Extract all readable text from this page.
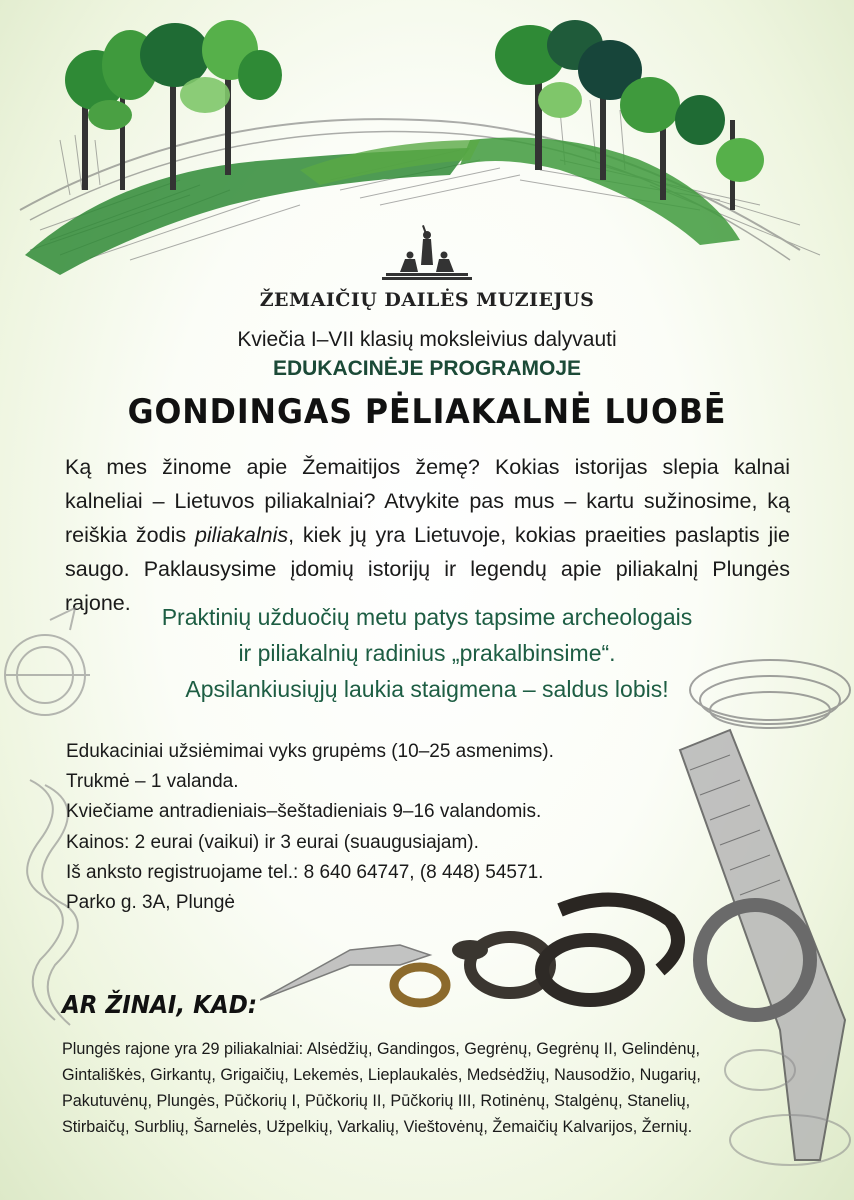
ŽEMAIČIŲ DAILĖS MUZIEJUS
Kviečia I–VII klasių moksleivius dalyvauti
EDUKACINĖJE PROGRAMOJE
GONDINGAS PĖLIAKALNĖ LUOBĒ

Ką mes žinome apie Žemaitijos žemę? Kokias istorijas slepia kalnai kalneliai – Lietuvos piliakalniai? Atvykite pas mus – kartu sužinosime, ką reiškia žodis piliakalnis, kiek jų yra Lietuvoje, kokias praeities paslaptis jie saugo. Paklausysime įdomių istorijų ir legendų apie piliakalnį Plungės rajone.

Praktinių užduočių metu patys tapsime archeologais
ir piliakalnių radinius „prakalbinsime“.
Apsilankiusiųjų laukia staigmena – saldus lobis!
Edukaciniai užsiėmimai vyks grupėms (10–25 asmenims).
Trukmė – 1 valanda.
Kviečiame antradieniais–šeštadieniais 9–16 valandomis.
Kainos: 2 eurai (vaikui) ir 3 eurai (suaugusiajam).
Iš anksto registruojame tel.: 8 640 64747, (8 448) 54571.
Parko g. 3A, Plungė
AR ŽINAI, KAD:
Plungės rajone yra 29 piliakalniai: Alsėdžių, Gandingos, Gegrėnų, Gegrėnų II, Gelindėnų, Gintališkės, Girkantų, Grigaičių, Lekemės, Lieplaukalės, Medsėdžių, Nausodžio, Nugarių, Pakutuvėnų, Plungės, Pūčkorių I, Pūčkorių II, Pūčkorių III, Rotinėnų, Stalgėnų, Stanelių, Stirbaičų, Surblių, Šarnelės, Užpelkių, Varkalių, Vieštovėnų, Žemaičių Kalvarijos, Žernių.
